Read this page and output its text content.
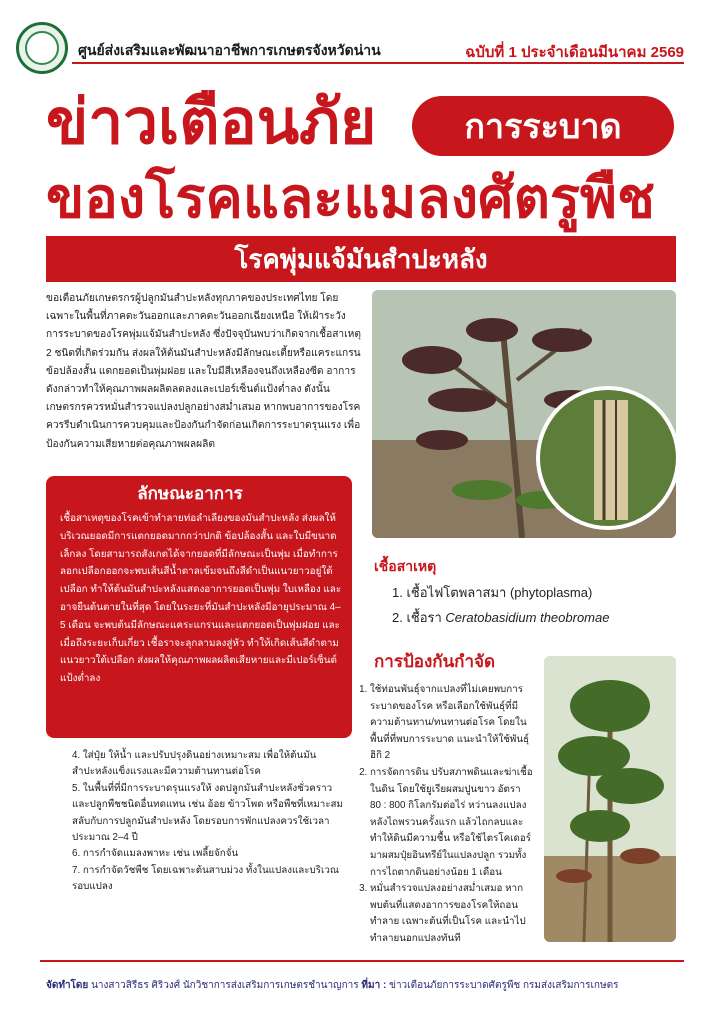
ศูนย์ส่งเสริมและพัฒนาอาชีพการเกษตรจังหวัดน่าน	ฉบับที่ 1 ประจำเดือนมีนาคม 2569
ข่าวเตือนภัย	การระบาด
ของโรคและแมลงศัตรูพืช
โรคพุ่มแจ้มันสำปะหลัง
ขอเตือนภัยเกษตรกรผู้ปลูกมันสำปะหลังทุกภาคของประเทศไทย โดยเฉพาะในพื้นที่ภาคตะวันออกและภาคตะวันออกเฉียงเหนือ ให้เฝ้าระวังการระบาดของโรคพุ่มแจ้มันสำปะหลัง ซึ่งปัจจุบันพบว่าเกิดจากเชื้อสาเหตุ 2 ชนิดที่เกิดร่วมกัน ส่งผลให้ต้นมันสำปะหลังมีลักษณะเตี้ยหรือแคระแกรน ข้อปล้องสั้น แตกยอดเป็นพุ่มฝอย และใบมีสีเหลืองจนถึงเหลืองซีด อาการดังกล่าวทำให้คุณภาพผลผลิตลดลงและเปอร์เซ็นต์แป้งต่ำลง ดังนั้นเกษตรกรควรหมั่นสำรวจแปลงปลูกอย่างสม่ำเสมอ หากพบอาการของโรคควรรีบดำเนินการควบคุมและป้องกันกำจัดก่อนเกิดการระบาดรุนแรง เพื่อป้องกันความเสียหายต่อคุณภาพผลผลิต
ลักษณะอาการ
เชื้อสาเหตุของโรคเข้าทำลายท่อลำเลียงของมันสำปะหลัง ส่งผลให้บริเวณยอดมีการแตกยอดมากกว่าปกติ ข้อปล้องสั้น และใบมีขนาดเล็กลง โดยสามารถสังเกตได้จากยอดที่มีลักษณะเป็นพุ่ม เมื่อทำการลอกเปลือกออกจะพบเส้นสีน้ำตาลเข้มจนถึงสีดำเป็นแนวยาวอยู่ใต้เปลือก ทำให้ต้นมันสำปะหลังแสดงอาการยอดเป็นพุ่ม ใบเหลือง และอาจยืนต้นตายในที่สุด โดยในระยะที่มันสำปะหลังมีอายุประมาณ 4–5 เดือน จะพบต้นมีลักษณะแคระแกรนและแตกยอดเป็นพุ่มฝอย และเมื่อถึงระยะเก็บเกี่ยว เชื้อราจะลุกลามลงสู่หัว ทำให้เกิดเส้นสีดำตามแนวยาวใต้เปลือก ส่งผลให้คุณภาพผลผลิตเสียหายและมีเปอร์เซ็นต์แป้งต่ำลง
เชื้อสาเหตุ
1. เชื้อไฟโตพลาสมา (phytoplasma)
2. เชื้อรา Ceratobasidium theobromae
การป้องกันกำจัด
1. ใช้ท่อนพันธุ์จากแปลงที่ไม่เคยพบการระบาดของโรค หรือเลือกใช้พันธุ์ที่มีความต้านทาน/ทนทานต่อโรค โดยในพื้นที่ที่พบการระบาด แนะนำให้ใช้พันธุ์ฮิกิ 2
2. การจัดการดิน ปรับสภาพดินและฆ่าเชื้อในดิน โดยใช้ยูเรียผสมปูนขาว อัตรา 80 : 800 กิโลกรัมต่อไร่ หว่านลงแปลงหลังไถพรวนครั้งแรก แล้วไถกลบและทำให้ดินมีความชื้น หรือใช้ไตรโคเดอร์มาผสมปุ๋ยอินทรีย์ในแปลงปลูก รวมทั้งการไถตากดินอย่างน้อย 1 เดือน
3. หมั่นสำรวจแปลงอย่างสม่ำเสมอ หากพบต้นที่แสดงอาการของโรคให้ถอนทำลาย เฉพาะต้นที่เป็นโรค และนำไปทำลายนอกแปลงทันที
4. ใส่ปุ๋ย ให้น้ำ และปรับปรุงดินอย่างเหมาะสม เพื่อให้ต้นมันสำปะหลังแข็งแรงและมีความต้านทานต่อโรค
5. ในพื้นที่ที่มีการระบาดรุนแรงให้ งดปลูกมันสำปะหลังชั่วคราว และปลูกพืชชนิดอื่นทดแทน เช่น อ้อย ข้าวโพด หรือพืชที่เหมาะสม สลับกับการปลูกมันสำปะหลัง โดยรอบการพักแปลงควรใช้เวลาประมาณ 2–4 ปี
6. การกำจัดแมลงพาหะ เช่น เพลี้ยจักจั่น
7. การกำจัดวัชพืช โดยเฉพาะต้นสาบม่วง ทั้งในแปลงและบริเวณรอบแปลง
จัดทำโดย นางสาวสิรีธร ศิริวงศ์ นักวิชาการส่งเสริมการเกษตรชำนาญการ ที่มา : ข่าวเตือนภัยการระบาดศัตรูพืช กรมส่งเสริมการเกษตร
